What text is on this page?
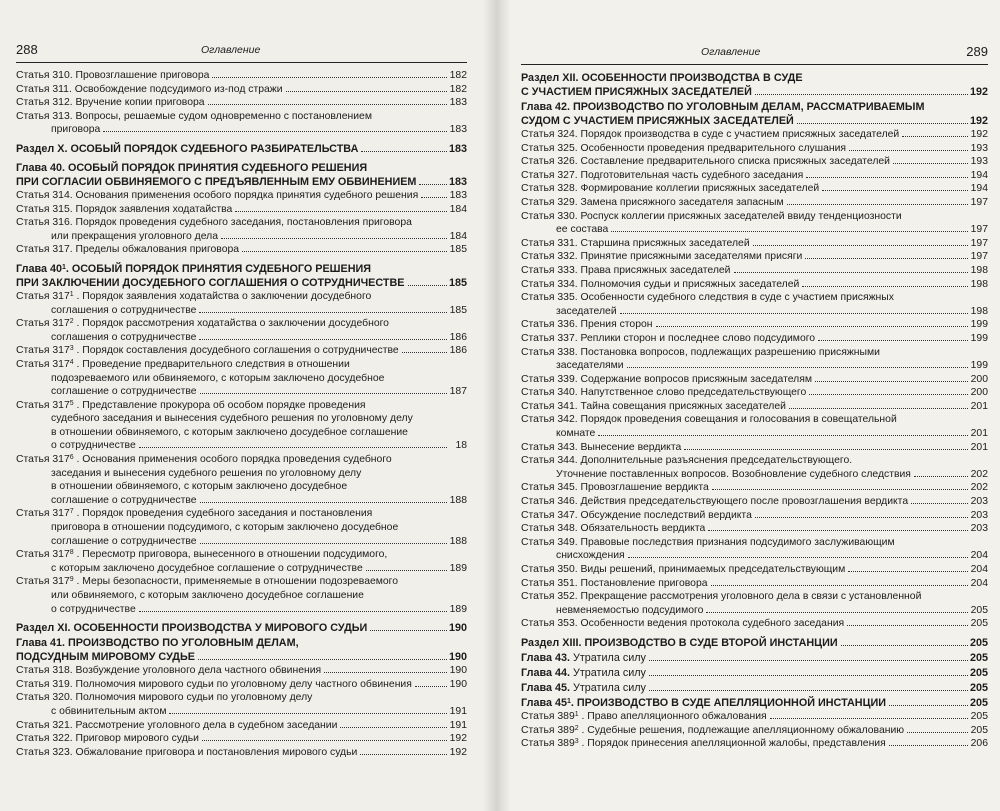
288	Оглавление
Статья 310. Провозглашение приговора	182
Статья 311. Освобождение подсудимого из-под стражи	182
Статья 312. Вручение копии приговора	183
Статья 313. Вопросы, решаемые судом одновременно с постановлением
приговора	183
Раздел X. ОСОБЫЙ ПОРЯДОК СУДЕБНОГО РАЗБИРАТЕЛЬСТВА	183
Глава 40. ОСОБЫЙ ПОРЯДОК ПРИНЯТИЯ СУДЕБНОГО РЕШЕНИЯ
ПРИ СОГЛАСИИ ОБВИНЯЕМОГО С ПРЕДЪЯВЛЕННЫМ ЕМУ ОБВИНЕНИЕМ	183
Статья 314. Основания применения особого порядка принятия судебного решения	183
Статья 315. Порядок заявления ходатайства	184
Статья 316. Порядок проведения судебного заседания, постановления приговора
или прекращения уголовного дела	184
Статья 317. Пределы обжалования приговора	185
Глава $40^1$. ОСОБЫЙ ПОРЯДОК ПРИНЯТИЯ СУДЕБНОГО РЕШЕНИЯ
ПРИ ЗАКЛЮЧЕНИИ ДОСУДЕБНОГО СОГЛАШЕНИЯ О СОТРУДНИЧЕСТВЕ	185
Статья $317^1$ . Порядок заявления ходатайства о заключении досудебного
соглашения о сотрудничестве	185
Статья $317^2$ . Порядок рассмотрения ходатайства о заключении досудебного
соглашения о сотрудничестве	186
Статья $317^3$ . Порядок составления досудебного соглашения о сотрудничестве	186
Статья $317^4$ . Проведение предварительного следствия в отношении
подозреваемого или обвиняемого, с которым заключено досудебное
соглашение о сотрудничестве	187
Статья $317^5$ . Представление прокурора об особом порядке проведения
судебного заседания и вынесения судебного решения по уголовному делу
в отношении обвиняемого, с которым заключено досудебное соглашение
о сотрудничестве	18
Статья $317^6$ . Основания применения особого порядка проведения судебного
заседания и вынесения судебного решения по уголовному делу
в отношении обвиняемого, с которым заключено досудебное
соглашение о сотрудничестве	188
Статья $317^7$ . Порядок проведения судебного заседания и постановления
приговора в отношении подсудимого, с которым заключено досудебное
соглашение о сотрудничестве	188
Статья $317^8$ . Пересмотр приговора, вынесенного в отношении подсудимого,
с которым заключено досудебное соглашение о сотрудничестве	189
Статья $317^9$ . Меры безопасности, применяемые в отношении подозреваемого
или обвиняемого, с которым заключено досудебное соглашение
о сотрудничестве	189
Раздел XI. ОСОБЕННОСТИ ПРОИЗВОДСТВА У МИРОВОГО СУДЬИ	190
Глава 41. ПРОИЗВОДСТВО ПО УГОЛОВНЫМ ДЕЛАМ,
ПОДСУДНЫМ МИРОВОМУ СУДЬЕ	190
Статья 318. Возбуждение уголовного дела частного обвинения	190
Статья 319. Полномочия мирового судьи по уголовному делу частного обвинения	190
Статья 320. Полномочия мирового судьи по уголовному делу
с обвинительным актом	191
Статья 321. Рассмотрение уголовного дела в судебном заседании	191
Статья 322. Приговор мирового судьи	192
Статья 323. Обжалование приговора и постановления мирового судьи	192
Оглавление	289
Раздел XII. ОСОБЕННОСТИ ПРОИЗВОДСТВА В СУДЕ
С УЧАСТИЕМ ПРИСЯЖНЫХ ЗАСЕДАТЕЛЕЙ	192
Глава 42. ПРОИЗВОДСТВО ПО УГОЛОВНЫМ ДЕЛАМ, РАССМАТРИВАЕМЫМ
СУДОМ С УЧАСТИЕМ ПРИСЯЖНЫХ ЗАСЕДАТЕЛЕЙ	192
Статья 324. Порядок производства в суде с участием присяжных заседателей	192
Статья 325. Особенности проведения предварительного слушания	193
Статья 326. Составление предварительного списка присяжных заседателей	193
Статья 327. Подготовительная часть судебного заседания	194
Статья 328. Формирование коллегии присяжных заседателей	194
Статья 329. Замена присяжного заседателя запасным	197
Статья 330. Роспуск коллегии присяжных заседателей ввиду тенденциозности
ее состава	197
Статья 331. Старшина присяжных заседателей	197
Статья 332. Принятие присяжными заседателями присяги	197
Статья 333. Права присяжных заседателей	198
Статья 334. Полномочия судьи и присяжных заседателей	198
Статья 335. Особенности судебного следствия в суде с участием присяжных
заседателей	198
Статья 336. Прения сторон	199
Статья 337. Реплики сторон и последнее слово подсудимого	199
Статья 338. Постановка вопросов, подлежащих разрешению присяжными
заседателями	199
Статья 339. Содержание вопросов присяжным заседателям	200
Статья 340. Напутственное слово председательствующего	200
Статья 341. Тайна совещания присяжных заседателей	201
Статья 342. Порядок проведения совещания и голосования в совещательной
комнате	201
Статья 343. Вынесение вердикта	201
Статья 344. Дополнительные разъяснения председательствующего.
Уточнение поставленных вопросов. Возобновление судебного следствия	202
Статья 345. Провозглашение вердикта	202
Статья 346. Действия председательствующего после провозглашения вердикта	203
Статья 347. Обсуждение последствий вердикта	203
Статья 348. Обязательность вердикта	203
Статья 349. Правовые последствия признания подсудимого заслуживающим
снисхождения	204
Статья 350. Виды решений, принимаемых председательствующим	204
Статья 351. Постановление приговора	204
Статья 352. Прекращение рассмотрения уголовного дела в связи с установленной
невменяемостью подсудимого	205
Статья 353. Особенности ведения протокола судебного заседания	205
Раздел XIII. ПРОИЗВОДСТВО В СУДЕ ВТОРОЙ ИНСТАНЦИИ	205
Глава 43. Утратила силу	205
Глава 44. Утратила силу	205
Глава 45. Утратила силу	205
Глава $45^1$. ПРОИЗВОДСТВО В СУДЕ АПЕЛЛЯЦИОННОЙ ИНСТАНЦИИ	205
Статья $389^1$ . Право апелляционного обжалования	205
Статья $389^2$ . Судебные решения, подлежащие апелляционному обжалованию	205
Статья $389^3$ . Порядок принесения апелляционной жалобы, представления	206
